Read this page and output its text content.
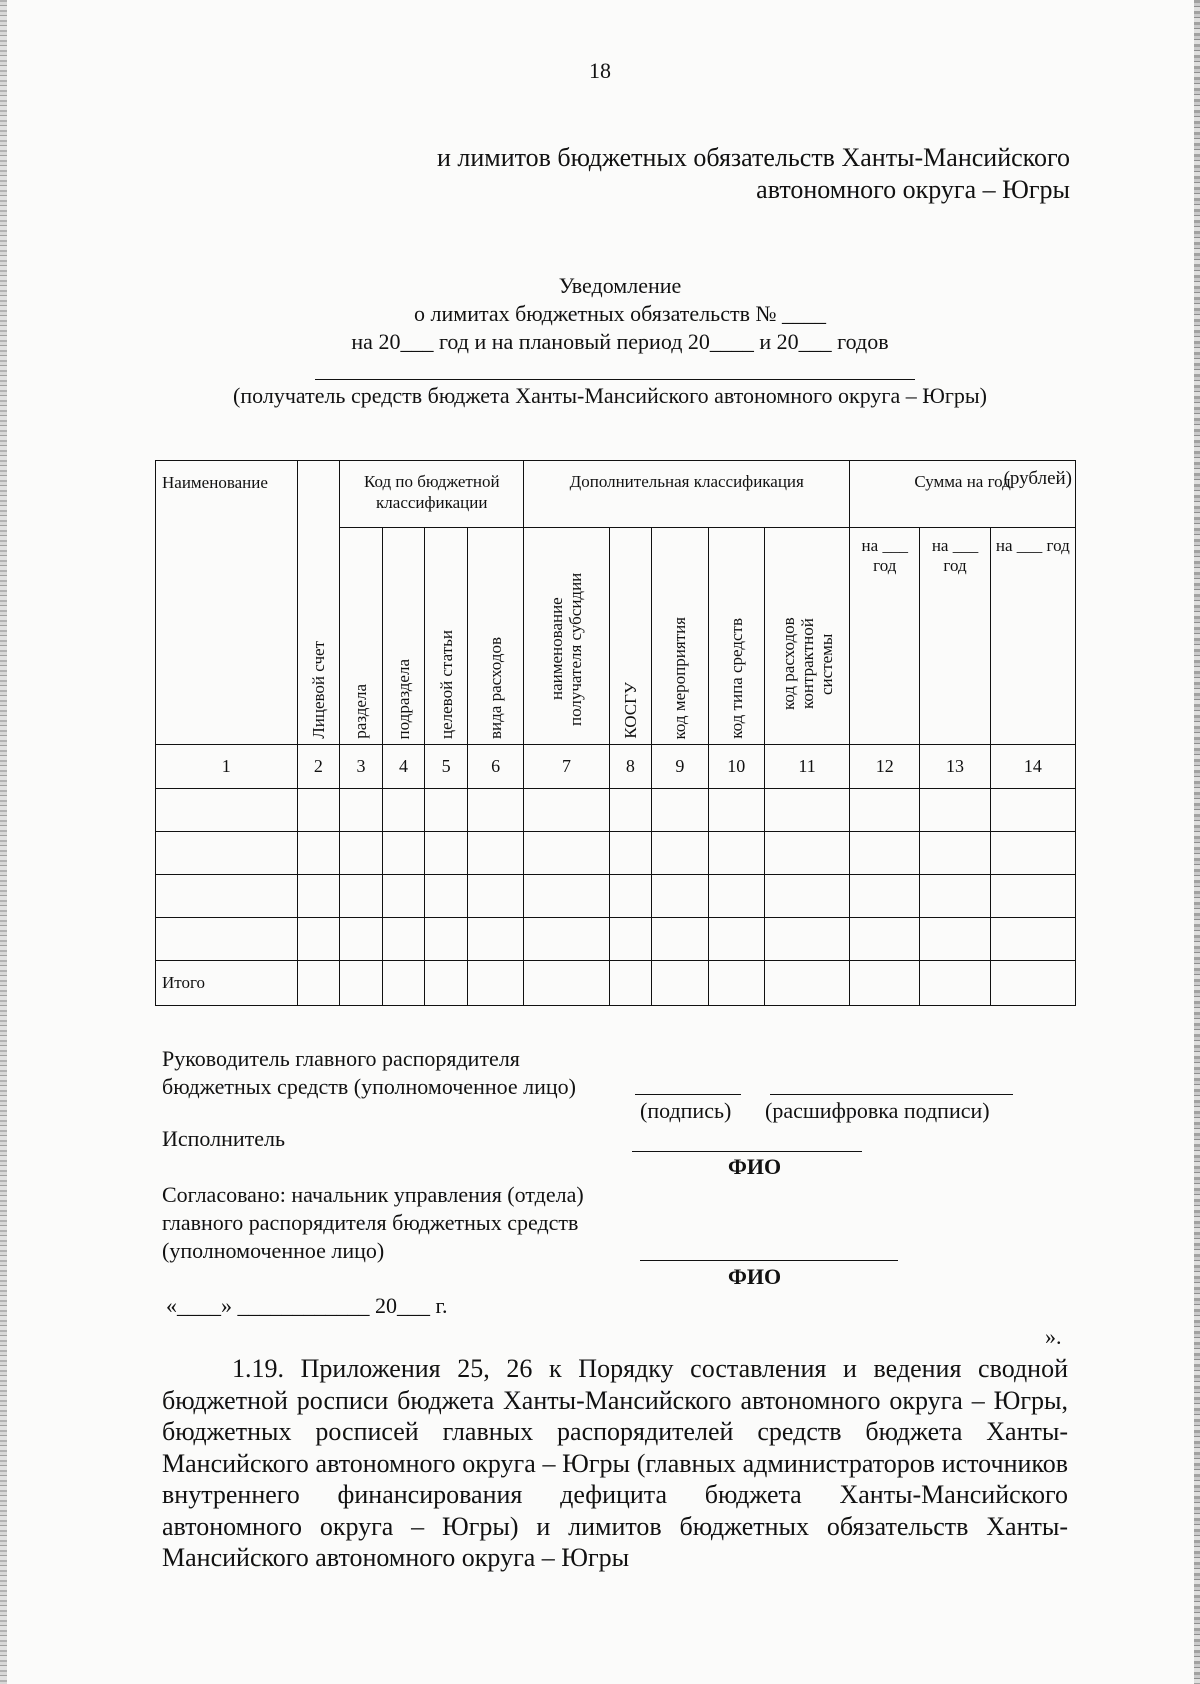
18
и лимитов бюджетных обязательств Ханты-Мансийского
автономного округа – Югры
Уведомление
о лимитах бюджетных обязательств № ____
на 20___ год и на плановый период 20____ и 20___ годов
(получатель средств бюджета Ханты-Мансийского автономного округа – Югры)
(рублей)
Наименование	Лицевой счет	Код по бюджетной классификации				Дополнительная классификация					Сумма на год		
		раздела	подраздела	целевой статьи	вида расходов	наименование получателя субсидии	КОСГУ	код мероприятия	код типа средств	код расходов контрактной системы	на ___ год	на ___ год	на ___ год
1	2	3	4	5	6	7	8	9	10	11	12	13	14

Итого													
Руководитель главного распорядителя
бюджетных средств (уполномоченное лицо)
(подпись) (расшифровка подписи)
Исполнитель
ФИО
Согласовано: начальник управления (отдела)
главного распорядителя бюджетных средств
(уполномоченное лицо)
ФИО
«____» ____________ 20___ г.
».

1.19. Приложения 25, 26 к Порядку составления и ведения сводной бюджетной росписи бюджета Ханты-Мансийского автономного округа – Югры, бюджетных росписей главных распорядителей средств бюджета Ханты-Мансийского автономного округа – Югры (главных администраторов источников внутреннего финансирования дефицита бюджета Ханты-Мансийского автономного округа – Югры) и лимитов бюджетных обязательств Ханты-Мансийского автономного округа – Югры
